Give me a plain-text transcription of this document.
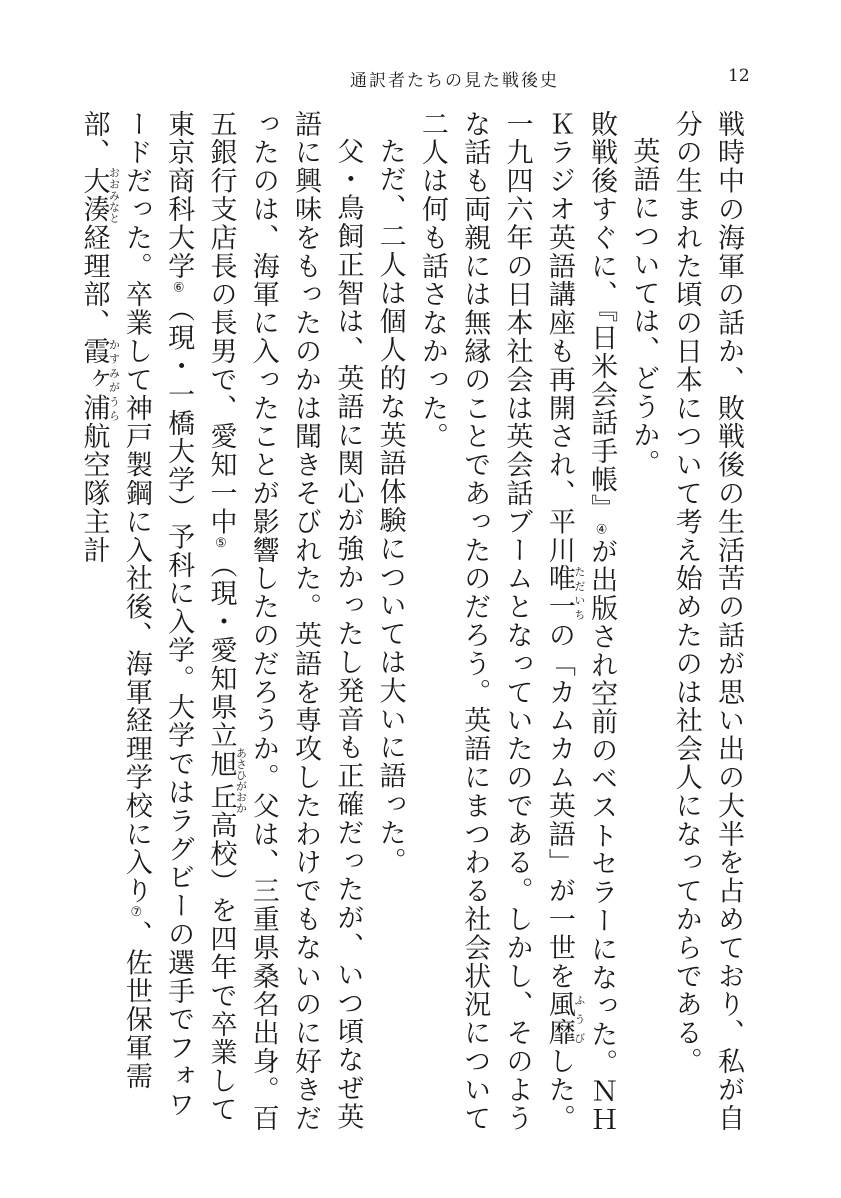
通訳者たちの見た戦後史	12

戦時中の海軍の話か、敗戦後の生活苦の話が思い出の大半を占めており、私が自分の生まれた頃の日本について考え始めたのは社会人になってからである。

英語については、どうか。

敗戦後すぐに、『日米会話手帳』④が出版され空前のベストセラーになった。ＮＨＫラジオ英語講座も再開され、平川唯一ただいちの「カムカム英語」が一世を風靡ふうびした。一九四六年の日本社会は英会話ブームとなっていたのである。しかし、そのような話も両親には無縁のことであったのだろう。英語にまつわる社会状況について二人は何も話さなかった。

ただ、二人は個人的な英語体験については大いに語った。

父・鳥飼正智は、英語に関心が強かったし発音も正確だったが、いつ頃なぜ英語に興味をもったのかは聞きそびれた。英語を専攻したわけでもないのに好きだったのは、海軍に入ったことが影響したのだろうか。父は、三重県桑名出身。百五銀行支店長の長男で、愛知一中⑤（現・愛知県立旭丘あさひがおか高校）を四年で卒業して東京商科大学⑥（現・一橋大学）予科に入学。大学ではラグビーの選手でフォワードだった。卒業して神戸製鋼に入社後、海軍経理学校に入り⑦、佐世保軍需部、大湊おおみなと経理部、霞ヶ浦かすみがうら航空隊主計
